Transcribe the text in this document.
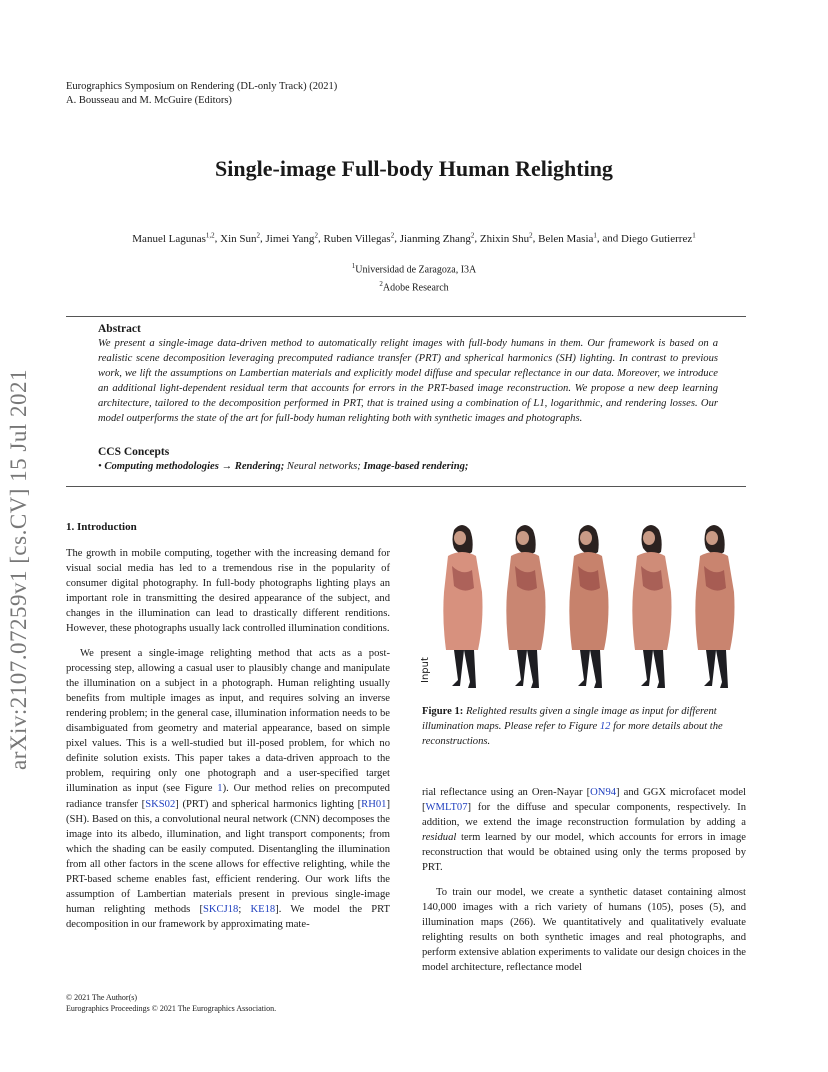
Eurographics Symposium on Rendering (DL-only Track) (2021)
A. Bousseau and M. McGuire (Editors)
Single-image Full-body Human Relighting
Manuel Lagunas$^{1,2}$, Xin Sun$^2$, Jimei Yang$^2$, Ruben Villegas$^2$, Jianming Zhang$^2$, Zhixin Shu$^2$, Belen Masia$^1$, and Diego Gutierrez$^1$
$^1$Universidad de Zaragoza, I3A
$^2$Adobe Research
Abstract
We present a single-image data-driven method to automatically relight images with full-body humans in them. Our framework is based on a realistic scene decomposition leveraging precomputed radiance transfer (PRT) and spherical harmonics (SH) lighting. In contrast to previous work, we lift the assumptions on Lambertian materials and explicitly model diffuse and specular reflectance in our data. Moreover, we introduce an additional light-dependent residual term that accounts for errors in the PRT-based image reconstruction. We propose a new deep learning architecture, tailored to the decomposition performed in PRT, that is trained using a combination of L1, logarithmic, and rendering losses. Our model outperforms the state of the art for full-body human relighting both with synthetic images and photographs.
CCS Concepts
• Computing methodologies → Rendering; Neural networks; Image-based rendering;
arXiv:2107.07259v1 [cs.CV] 15 Jul 2021	1. Introduction

The growth in mobile computing, together with the increasing demand for visual social media has led to a tremendous rise in the popularity of consumer digital photography. In full-body photographs lighting plays an important role in transmitting the desired appearance of the subject, and changes in the illumination can lead to drastically different renditions. However, these photographs usually lack controlled illumination conditions.

We present a single-image relighting method that acts as a post-processing step, allowing a casual user to plausibly change and manipulate the illumination on a subject in a photograph. Human relighting usually benefits from multiple images as input, and requires solving an inverse rendering problem; in the general case, illumination information needs to be disambiguated from geometry and material appearance, based on simple pixel values. This is a well-studied but ill-posed problem, for which no definite solution exists. This paper takes a data-driven approach to the problem, requiring only one photograph and a user-specified target illumination as input (see Figure 1). Our method relies on precomputed radiance transfer [SKS02] (PRT) and spherical harmonics lighting [RH01] (SH). Based on this, a convolutional neural network (CNN) decomposes the image into its albedo, illumination, and light transport components; from which the shading can be easily computed. Disentangling the illumination from all other factors in the scene allows for effective relighting, while the PRT-based scheme enables fast, efficient rendering. Our work lifts the assumption of Lambertian materials present in previous single-image human relighting methods [SKCJ18; KE18]. We model the PRT decomposition in our framework by approximating mate-

Input
Figure 1: Relighted results given a single image as input for different illumination maps. Please refer to Figure 12 for more details about the reconstructions.

rial reflectance using an Oren-Nayar [ON94] and GGX microfacet model [WMLT07] for the diffuse and specular components, respectively. In addition, we extend the image reconstruction formulation by adding a residual term learned by our model, which accounts for errors in image reconstruction that would be obtained using only the terms proposed by PRT.

To train our model, we create a synthetic dataset containing almost 140,000 images with a rich variety of humans (105), poses (5), and illumination maps (266). We quantitatively and qualitatively evaluate relighting results on both synthetic images and real photographs, and perform extensive ablation experiments to validate our design choices in the model architecture, reflectance model

© 2021 The Author(s)
Eurographics Proceedings © 2021 The Eurographics Association.
